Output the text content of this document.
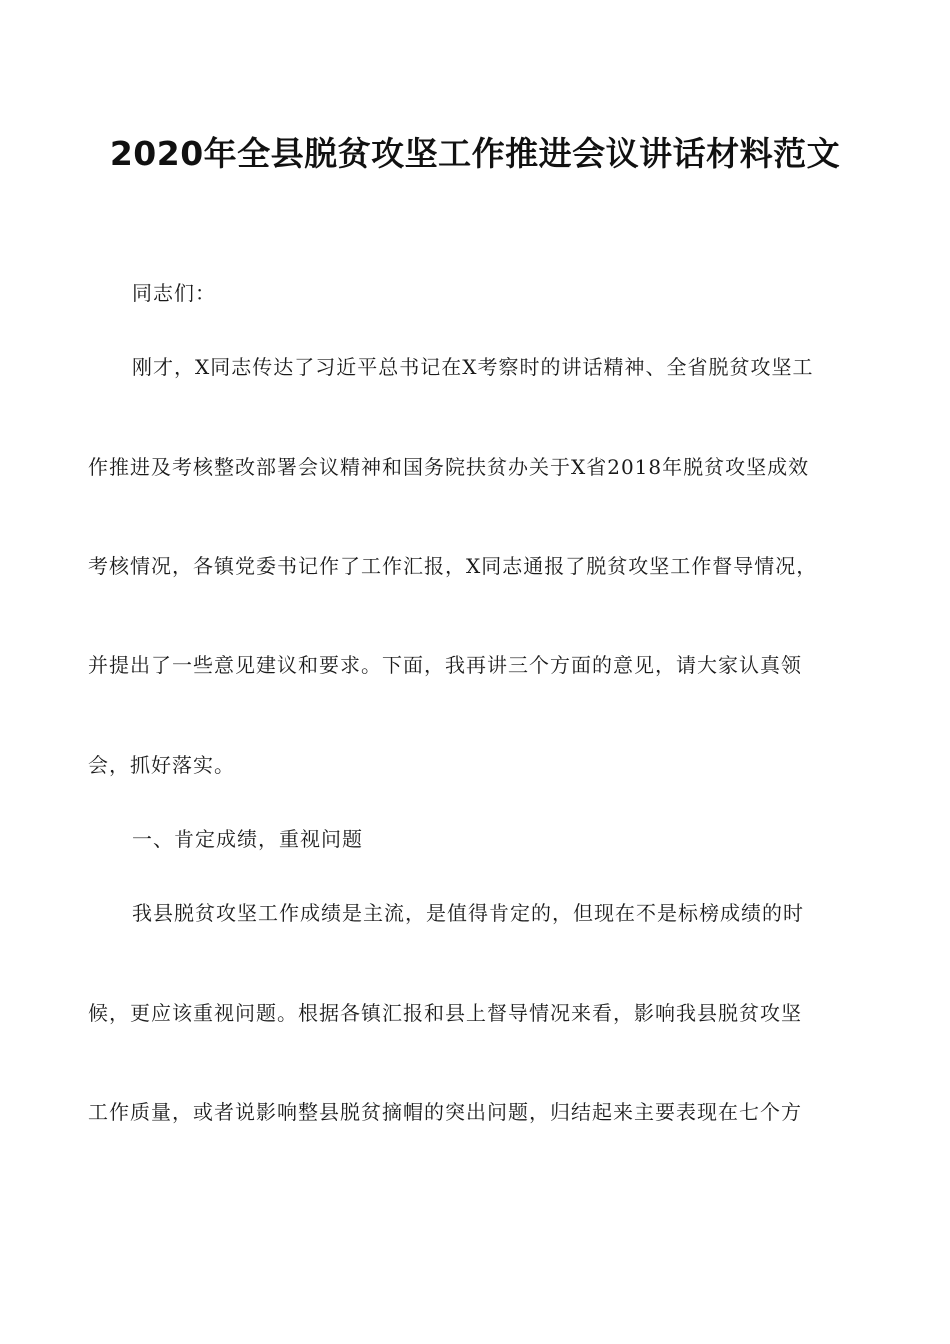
2020年全县脱贫攻坚工作推进会议讲话材料范文

同志们：

刚才，X同志传达了习近平总书记在X考察时的讲话精神、全省脱贫攻坚工

作推进及考核整改部署会议精神和国务院扶贫办关于X省2018年脱贫攻坚成效

考核情况，各镇党委书记作了工作汇报，X同志通报了脱贫攻坚工作督导情况，

并提出了一些意见建议和要求。下面，我再讲三个方面的意见，请大家认真领

会，抓好落实。

一、肯定成绩，重视问题

我县脱贫攻坚工作成绩是主流，是值得肯定的，但现在不是标榜成绩的时

候，更应该重视问题。根据各镇汇报和县上督导情况来看，影响我县脱贫攻坚

工作质量，或者说影响整县脱贫摘帽的突出问题，归结起来主要表现在七个方
